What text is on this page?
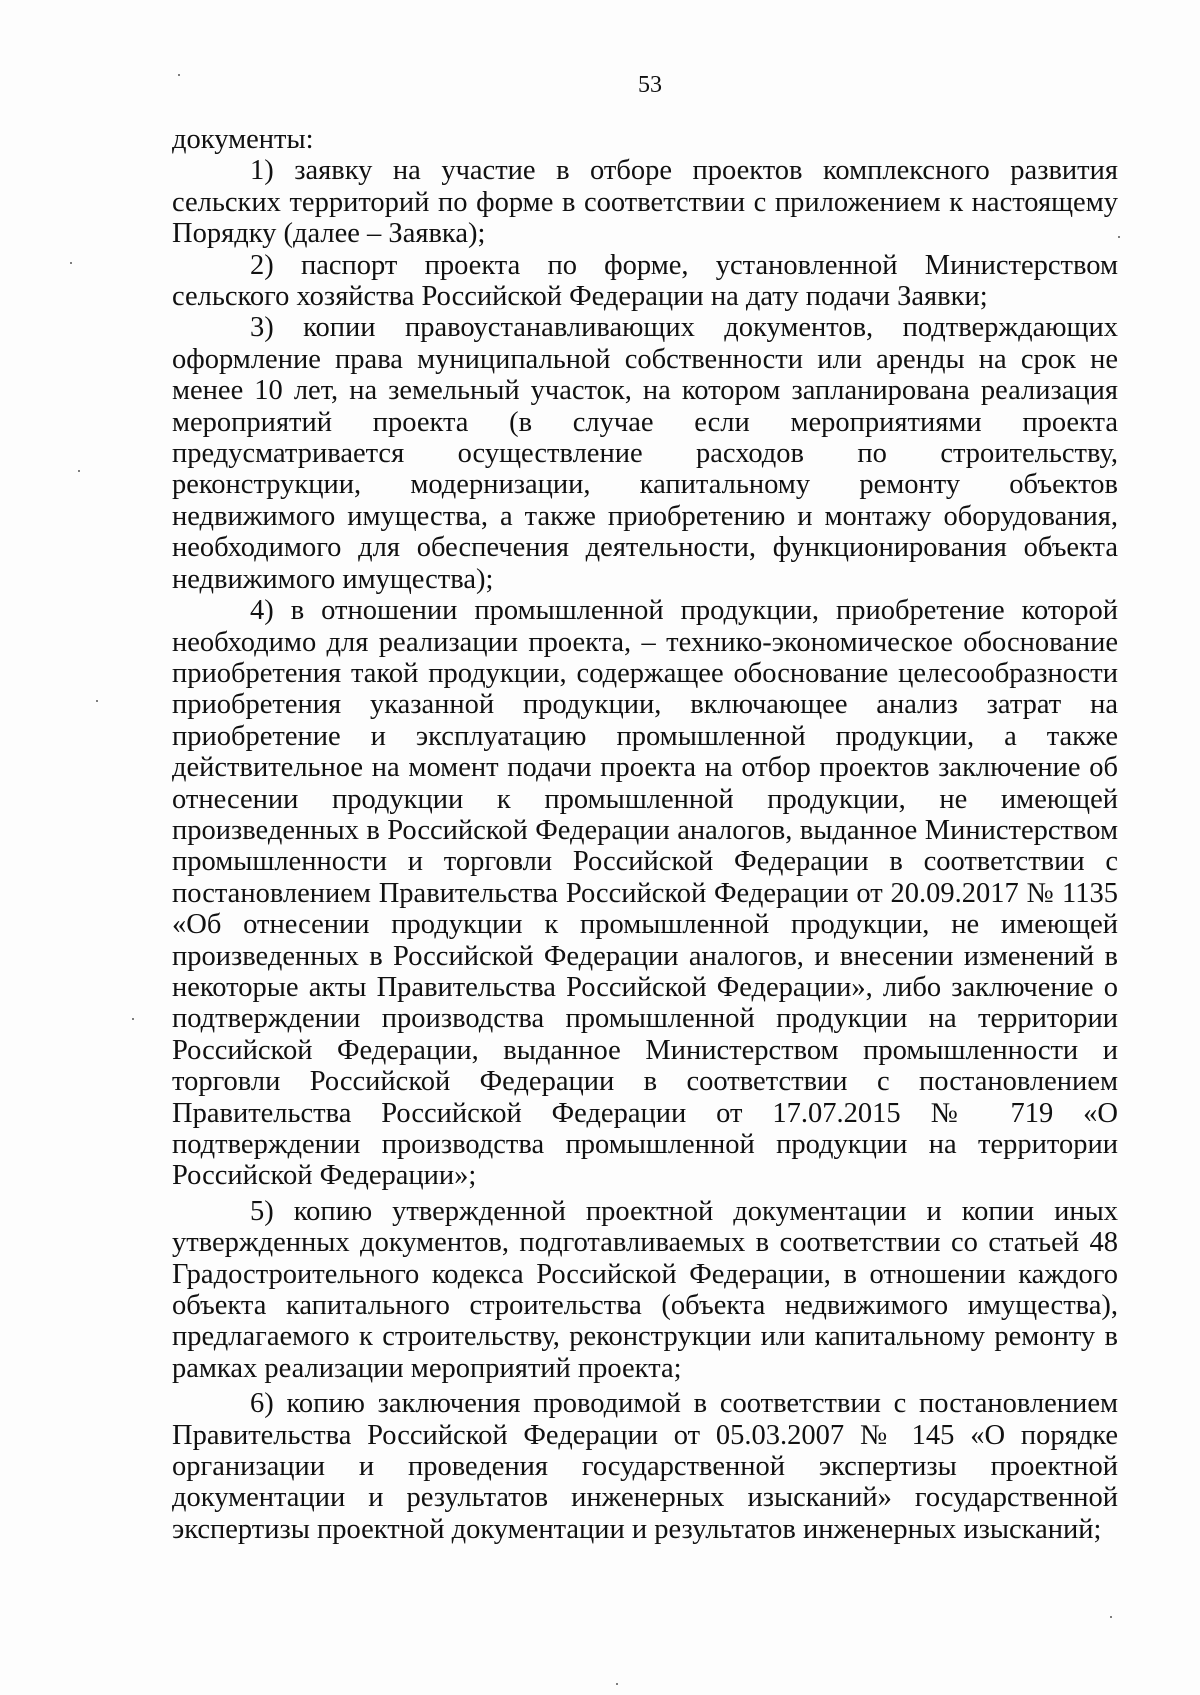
53

документы:

1) заявку на участие в отборе проектов комплексного развития сельских территорий по форме в соответствии с приложением к настоящему Порядку (далее – Заявка);

2) паспорт проекта по форме, установленной Министерством сельского хозяйства Российской Федерации на дату подачи Заявки;

3) копии правоустанавливающих документов, подтверждающих оформление права муниципальной собственности или аренды на срок не менее 10 лет, на земельный участок, на котором запланирована реализация мероприятий проекта (в случае если мероприятиями проекта предусматривается осуществление расходов по строительству, реконструкции, модернизации, капитальному ремонту объектов недвижимого имущества, а также приобретению и монтажу оборудования, необходимого для обеспечения деятельности, функционирования объекта недвижимого имущества);

4) в отношении промышленной продукции, приобретение которой необходимо для реализации проекта, – технико-экономическое обоснование приобретения такой продукции, содержащее обоснование целесообразности приобретения указанной продукции, включающее анализ затрат на приобретение и эксплуатацию промышленной продукции, а также действительное на момент подачи проекта на отбор проектов заключение об отнесении продукции к промышленной продукции, не имеющей произведенных в Российской Федерации аналогов, выданное Министерством промышленности и торговли Российской Федерации в соответствии с постановлением Правительства Российской Федерации от 20.09.2017 № 1135 «Об отнесении продукции к промышленной продукции, не имеющей произведенных в Российской Федерации аналогов, и внесении изменений в некоторые акты Правительства Российской Федерации», либо заключение о подтверждении производства промышленной продукции на территории Российской Федерации, выданное Министерством промышленности и торговли Российской Федерации в соответствии с постановлением Правительства Российской Федерации от 17.07.2015 № 719 «О подтверждении производства промышленной продукции на территории Российской Федерации»;

5) копию утвержденной проектной документации и копии иных утвержденных документов, подготавливаемых в соответствии со статьей 48 Градостроительного кодекса Российской Федерации, в отношении каждого объекта капитального строительства (объекта недвижимого имущества), предлагаемого к строительству, реконструкции или капитальному ремонту в рамках реализации мероприятий проекта;

6) копию заключения проводимой в соответствии с постановлением Правительства Российской Федерации от 05.03.2007 № 145 «О порядке организации и проведения государственной экспертизы проектной документации и результатов инженерных изысканий» государственной экспертизы проектной документации и результатов инженерных изысканий;
